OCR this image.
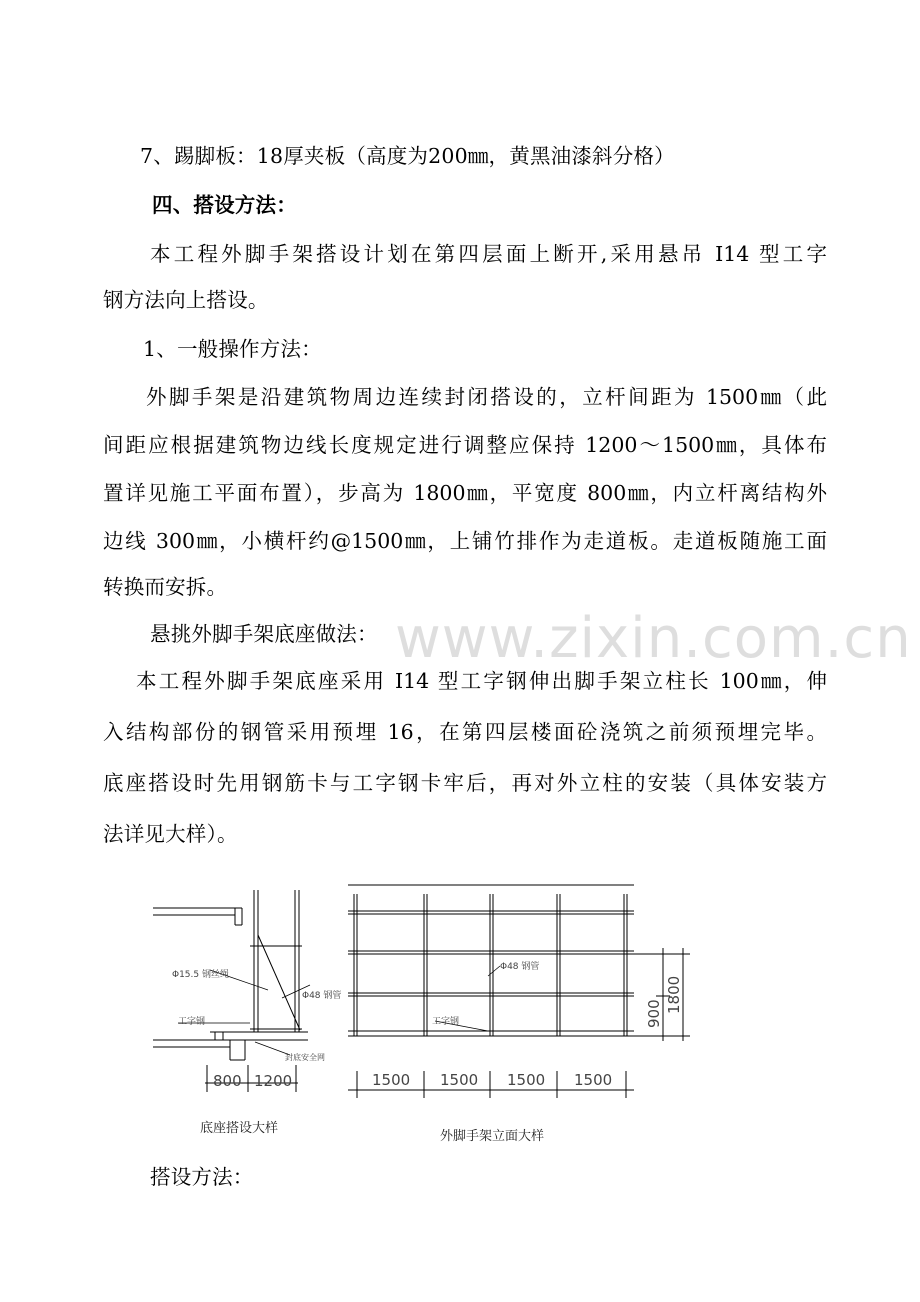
www.zixin.com.cn
7、踢脚板：18厚夹板（高度为200㎜，黄黑油漆斜分格）
四、搭设方法：
本工程外脚手架搭设计划在第四层面上断开,采用悬吊 I14 型工字
钢方法向上搭设。
1、一般操作方法：
外脚手架是沿建筑物周边连续封闭搭设的，立杆间距为 1500㎜（此
间距应根据建筑物边线长度规定进行调整应保持 1200～1500㎜，具体布
置详见施工平面布置），步高为 1800㎜，平宽度 800㎜，内立杆离结构外
边线 300㎜，小横杆约@1500㎜，上铺竹排作为走道板。走道板随施工面
转换而安拆。
悬挑外脚手架底座做法：
本工程外脚手架底座采用 I14 型工字钢伸出脚手架立柱长 100㎜，伸
入结构部份的钢管采用预埋 16，在第四层楼面砼浇筑之前须预埋完毕。
底座搭设时先用钢筋卡与工字钢卡牢后，再对外立柱的安装（具体安装方
法详见大样）。
Φ15.5 钢丝绳
Φ48 钢管
工字钢
封底安全网
800 1200
底座搭设大样
Φ48 钢管
工字钢
1500 1500 1500 1500
900 1800
外脚手架立面大样
搭设方法：
